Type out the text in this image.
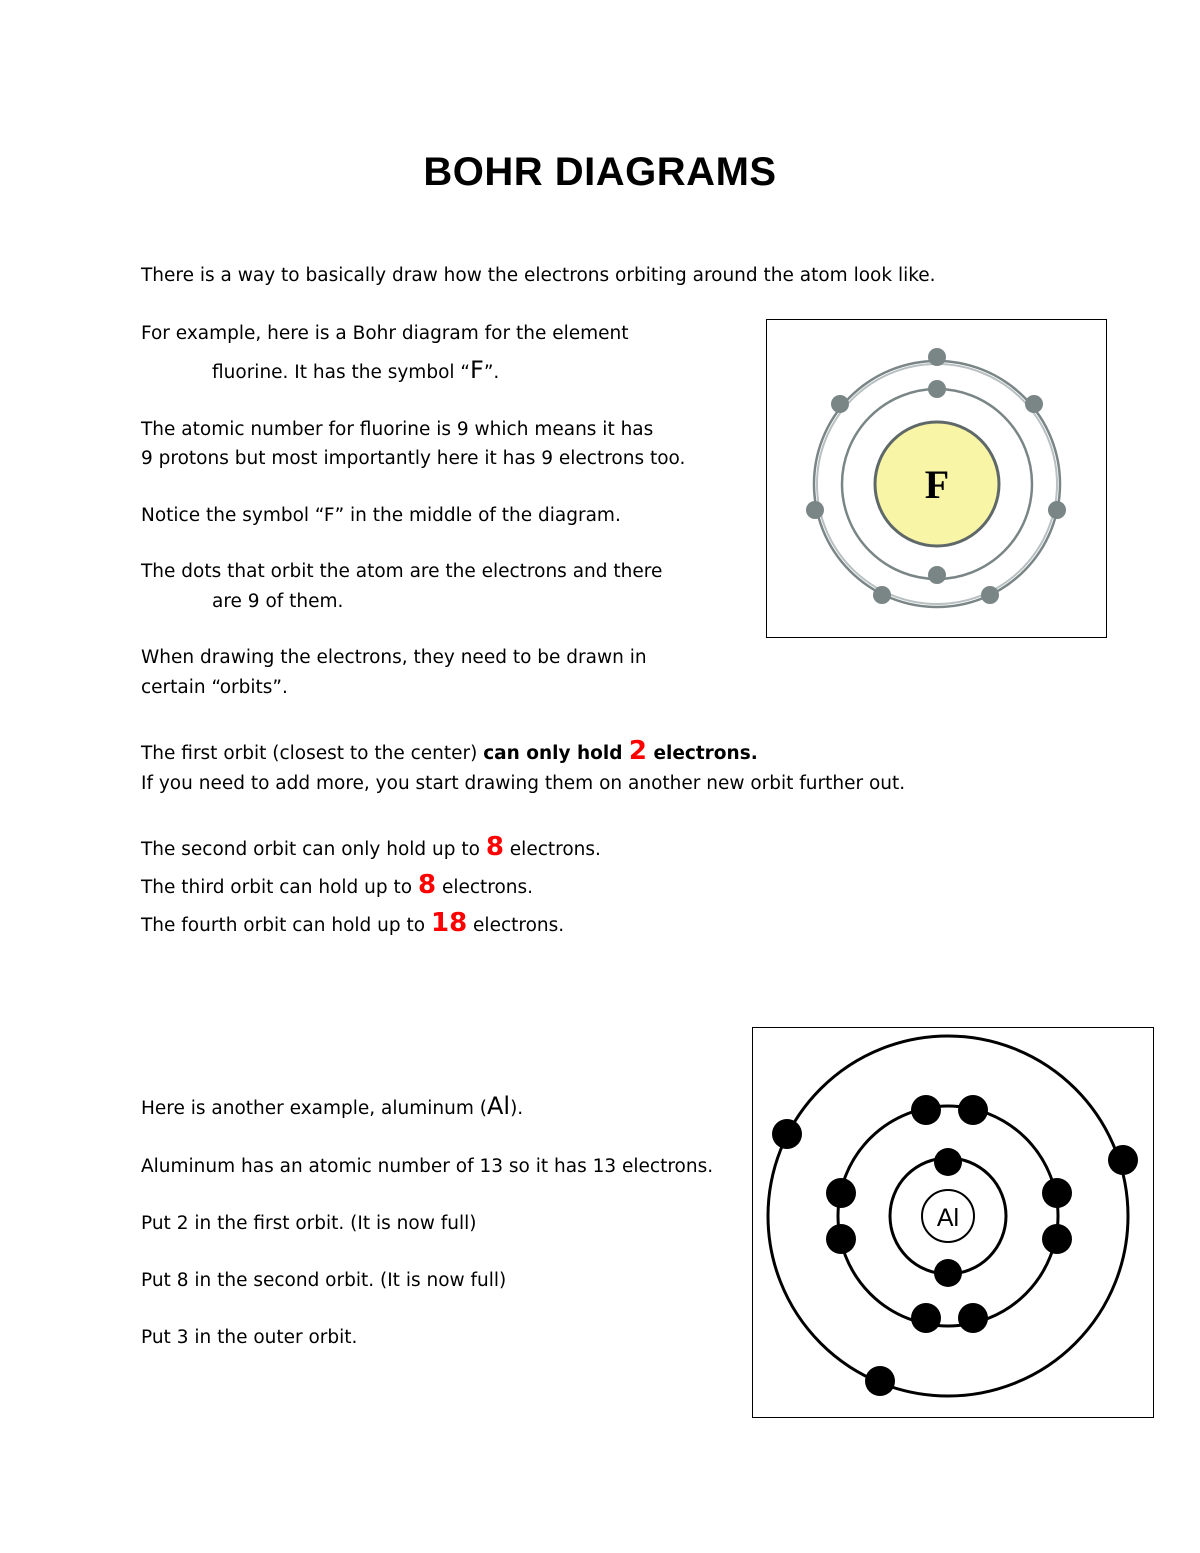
BOHR DIAGRAMS

There is a way to basically draw how the electrons orbiting around the atom look like.

For example, here is a Bohr diagram for the element

fluorine. It has the symbol “F”.

The atomic number for fluorine is 9 which means it has

9 protons but most importantly here it has 9 electrons too.

Notice the symbol “F” in the middle of the diagram.

The dots that orbit the atom are the electrons and there

are 9 of them.

When drawing the electrons, they need to be drawn in

certain “orbits”.

The first orbit (closest to the center) can only hold 2 electrons.

If you need to add more, you start drawing them on another new orbit further out.

The second orbit can only hold up to 8 electrons.

The third orbit can hold up to 8 electrons.

The fourth orbit can hold up to 18 electrons.

Here is another example, aluminum (Al).

Aluminum has an atomic number of 13 so it has 13 electrons.

Put 2 in the first orbit. (It is now full)

Put 8 in the second orbit. (It is now full)

Put 3 in the outer orbit.

F
Al
